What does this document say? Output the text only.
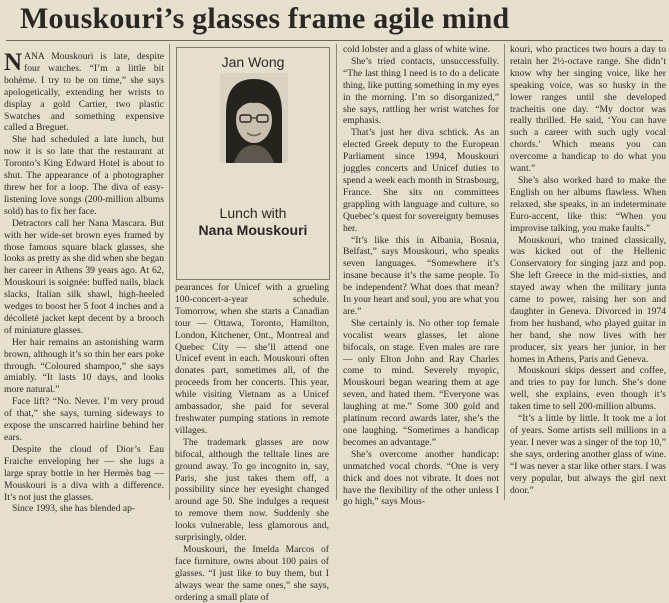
Mouskouri’s glasses frame agile mind

NANA Mouskouri is late, despite four watches. “I’m a little bit bohème. I try to be on time,” she says apologetically, extending her wrists to display a gold Cartier, two plastic Swatches and something expensive called a Breguet.

She had scheduled a late lunch, but now it is so late that the restaurant at Toronto’s King Edward Hotel is about to shut. The appearance of a photographer threw her for a loop. The diva of easy-listening love songs (200-million albums sold) has to fix her face.

Detractors call her Nana Mascara. But with her wide-set brown eyes framed by those famous square black glasses, she looks as pretty as she did when she began her career in Athens 39 years ago. At 62, Mouskouri is soignée: buffed nails, black slacks, Italian silk shawl, high-heeled wedges to boost her 5 foot 4 inches and a décolleté jacket kept decent by a brooch of miniature glasses.

Her hair remains an astonishing warm brown, although it’s so thin her ears poke through. “Coloured shampoo,” she says amiably. “It lasts 10 days, and looks more natural.”

Face lift? “No. Never. I’m very proud of that,” she says, turning sideways to expose the unscarred hairline behind her ears.

Despite the cloud of Dior’s Eau Fraiche enveloping her — she lugs a large spray bottle in her Hermès bag — Mouskouri is a diva with a difference. It’s not just the glasses.

Since 1993, she has blended ap-

Jan Wong
Lunch with
Nana Mouskouri

pearances for Unicef with a grueling 100-concert-a-year schedule. Tomorrow, when she starts a Canadian tour — Ottawa, Toronto, Hamilton, London, Kitchener, Ont., Montreal and Quebec City — she’ll attend one Unicef event in each. Mouskouri often donates part, sometimes all, of the proceeds from her concerts. This year, while visiting Vietnam as a Unicef ambassador, she paid for several freshwater pumping stations in remote villages.

The trademark glasses are now bifocal, although the telltale lines are ground away. To go incognito in, say, Paris, she just takes them off, a possibility since her eyesight changed around age 50. She indulges a request to remove them now. Suddenly she looks vulnerable, less glamorous and, surprisingly, older.

Mouskouri, the Imelda Marcos of face furniture, owns about 100 pairs of glasses. “I just like to buy them, but I always wear the same ones,” she says, ordering a small plate of

cold lobster and a glass of white wine.

She’s tried contacts, unsuccessfully. “The last thing I need is to do a delicate thing, like putting something in my eyes in the morning. I’m so disorganized,” she says, rattling her wrist watches for emphasis.

That’s just her diva schtick. As an elected Greek deputy to the European Parliament since 1994, Mouskouri juggles concerts and Unicef duties to spend a week each month in Strasbourg, France. She sits on committees grappling with language and culture, so Quebec’s quest for sovereignty bemuses her.

“It’s like this in Albania, Bosnia, Belfast,” says Mouskouri, who speaks seven languages. “Somewhere it’s insane because it’s the same people. To be independent? What does that mean? In your heart and soul, you are what you are.”

She certainly is. No other top female vocalist wears glasses, let alone bifocals, on stage. Even males are rare — only Elton John and Ray Charles come to mind. Severely myopic, Mouskouri began wearing them at age seven, and hated them. “Everyone was laughing at me.” Some 300 gold and platinum record awards later, she’s the one laughing. “Sometimes a handicap becomes an advantage.”

She’s overcome another handicap: unmatched vocal chords. “One is very thick and does not vibrate. It does not have the flexibility of the other unless I go high,” says Mous-

kouri, who practices two hours a day to retain her 2½-octave range. She didn’t know why her singing voice, like her speaking voice, was so husky in the lower ranges until she developed tracheitis one day. “My doctor was really thrilled. He said, ‘You can have such a career with such ugly vocal chords.’ Which means you can overcome a handicap to do what you want.”

She’s also worked hard to make the English on her albums flawless. When relaxed, she speaks, in an indeterminate Euro-accent, like this: “When you improvise talking, you make faults.”

Mouskouri, who trained classically, was kicked out of the Hellenic Conservatory for singing jazz and pop. She left Greece in the mid-sixties, and stayed away when the military junta came to power, raising her son and daughter in Geneva. Divorced in 1974 from her husband, who played guitar in her band, she now lives with her producer, six years her junior, in her homes in Athens, Paris and Geneva.

Mouskouri skips dessert and coffee, and tries to pay for lunch. She’s done well, she explains, even though it’s taken time to sell 200-million albums.

“It’s a little by little. It took me a lot of years. Some artists sell millions in a year. I never was a singer of the top 10,” she says, ordering another glass of wine. “I was never a star like other stars. I was very popular, but always the girl next door.”
